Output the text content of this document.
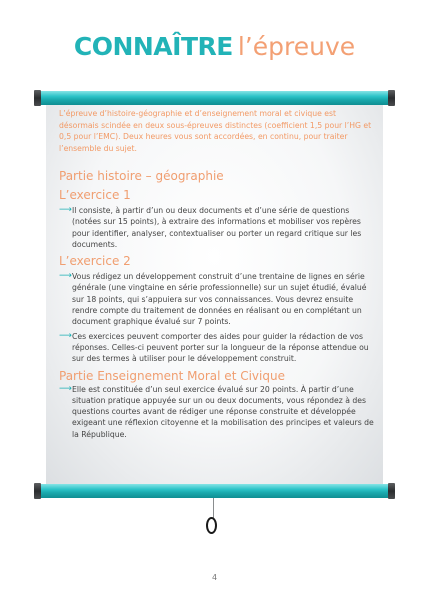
CONNAÎTRE l’épreuve
L’épreuve d’histoire-géographie et d’enseignement moral et civique est désormais scindée en deux sous-épreuves distinctes (coefficient 1,5 pour l’HG et 0,5 pour l’EMC). Deux heures vous sont accordées, en continu, pour traiter l’ensemble du sujet.
Partie histoire – géographie
L’exercice 1
⟶ Il consiste, à partir d’un ou deux documents et d’une série de questions (notées sur 15 points), à extraire des informations et mobiliser vos repères pour identifier, analyser, contextualiser ou porter un regard critique sur les documents.
L’exercice 2
⟶ Vous rédigez un développement construit d’une trentaine de lignes en série générale (une vingtaine en série professionnelle) sur un sujet étudié, évalué sur 18 points, qui s’appuiera sur vos connaissances. Vous devrez ensuite rendre compte du traitement de données en réalisant ou en complétant un document graphique évalué sur 7 points.
⟶ Ces exercices peuvent comporter des aides pour guider la rédaction de vos réponses. Celles-ci peuvent porter sur la longueur de la réponse attendue ou sur des termes à utiliser pour le développement construit.
Partie Enseignement Moral et Civique
⟶ Elle est constituée d’un seul exercice évalué sur 20 points. À partir d’une situation pratique appuyée sur un ou deux documents, vous répondez à des questions courtes avant de rédiger une réponse construite et développée exigeant une réflexion citoyenne et la mobilisation des principes et valeurs de la République.
4
